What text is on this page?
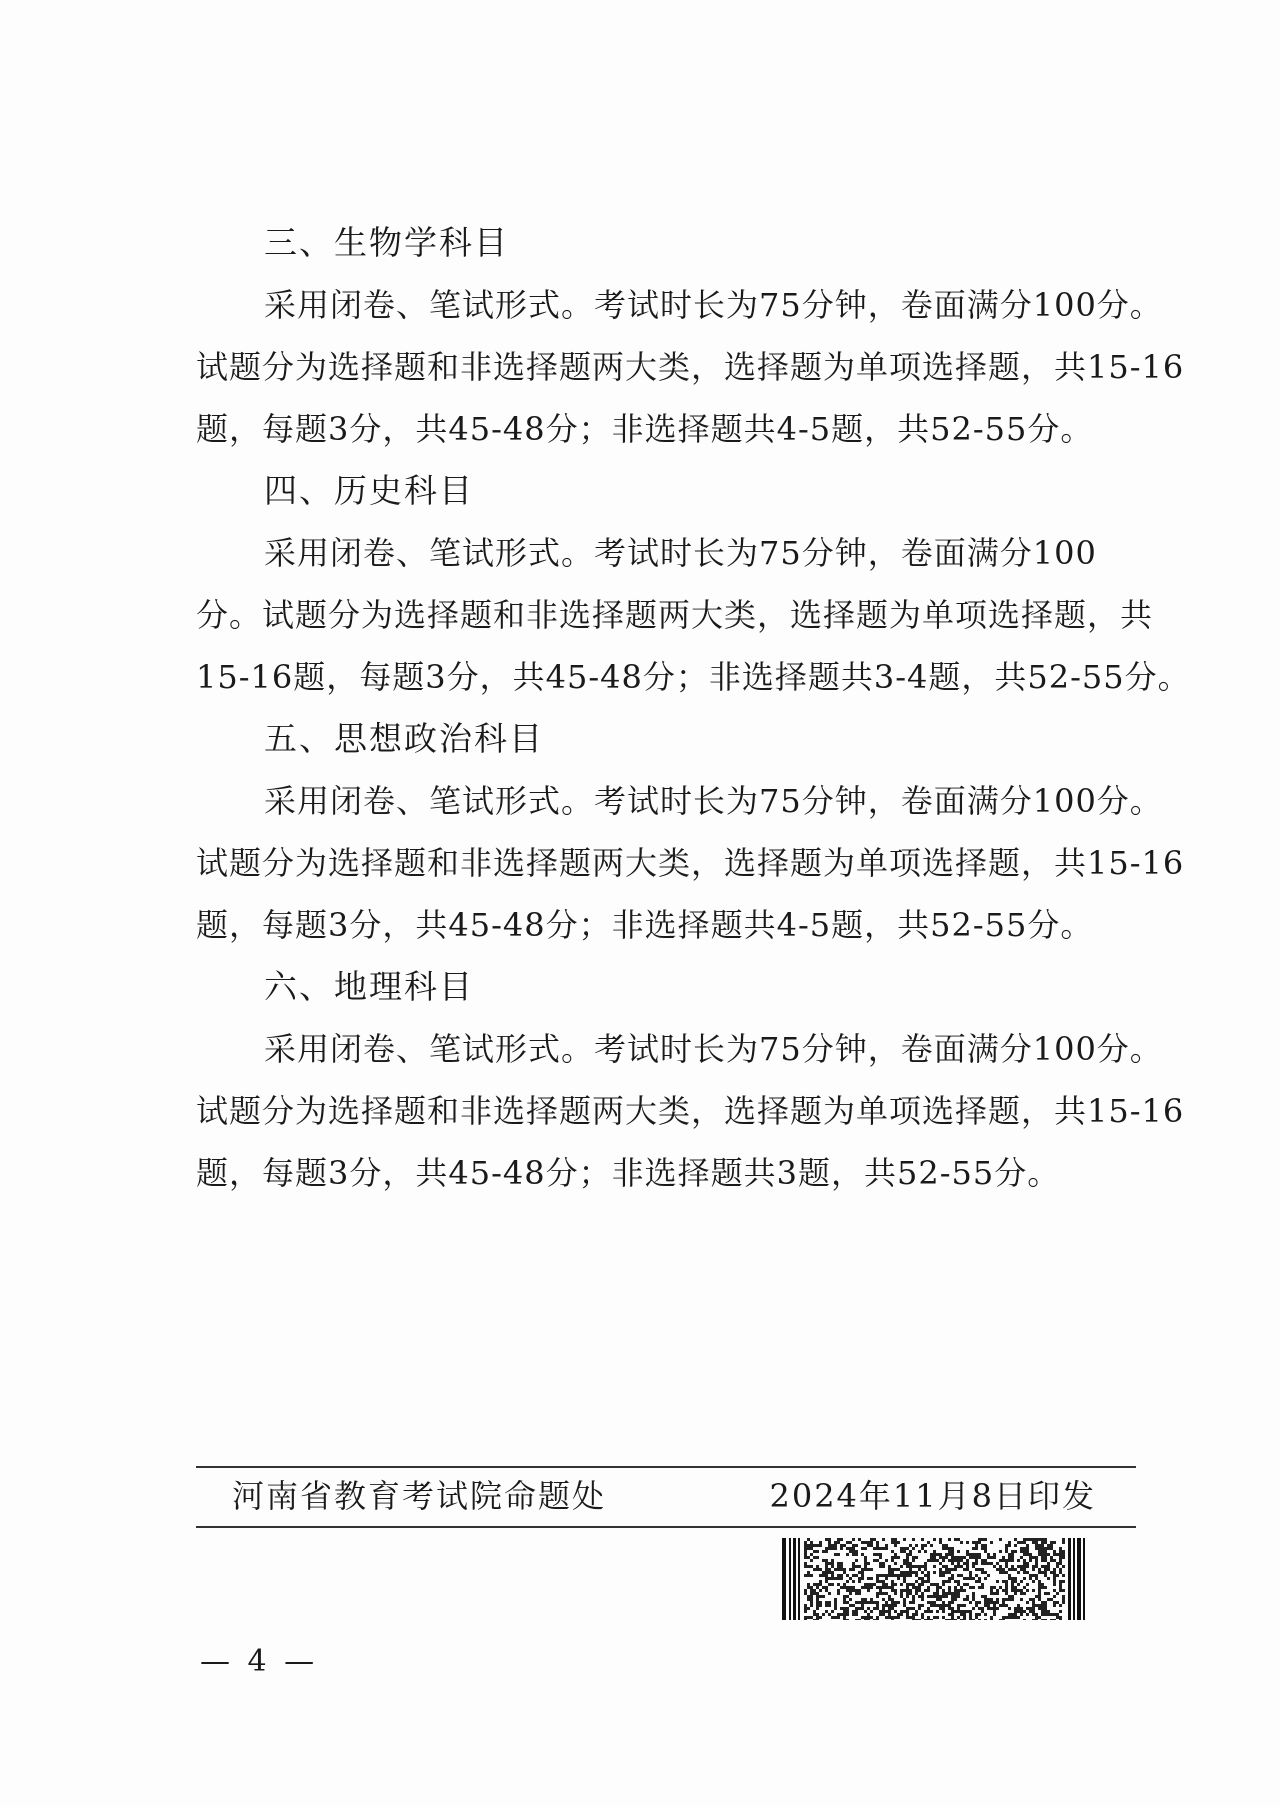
三、生物学科目
采用闭卷、笔试形式。考试时长为75分钟，卷面满分100分。
试题分为选择题和非选择题两大类，选择题为单项选择题，共15-16
题，每题3分，共45-48分；非选择题共4-5题，共52-55分。
四、历史科目
采用闭卷、笔试形式。考试时长为75分钟，卷面满分100
分。试题分为选择题和非选择题两大类，选择题为单项选择题，共
15-16题，每题3分，共45-48分；非选择题共3-4题，共52-55分。
五、思想政治科目
采用闭卷、笔试形式。考试时长为75分钟，卷面满分100分。
试题分为选择题和非选择题两大类，选择题为单项选择题，共15-16
题，每题3分，共45-48分；非选择题共4-5题，共52-55分。
六、地理科目
采用闭卷、笔试形式。考试时长为75分钟，卷面满分100分。
试题分为选择题和非选择题两大类，选择题为单项选择题，共15-16
题，每题3分，共45-48分；非选择题共3题，共52-55分。
河南省教育考试院命题处	2024年11月8日印发
— 4 —
